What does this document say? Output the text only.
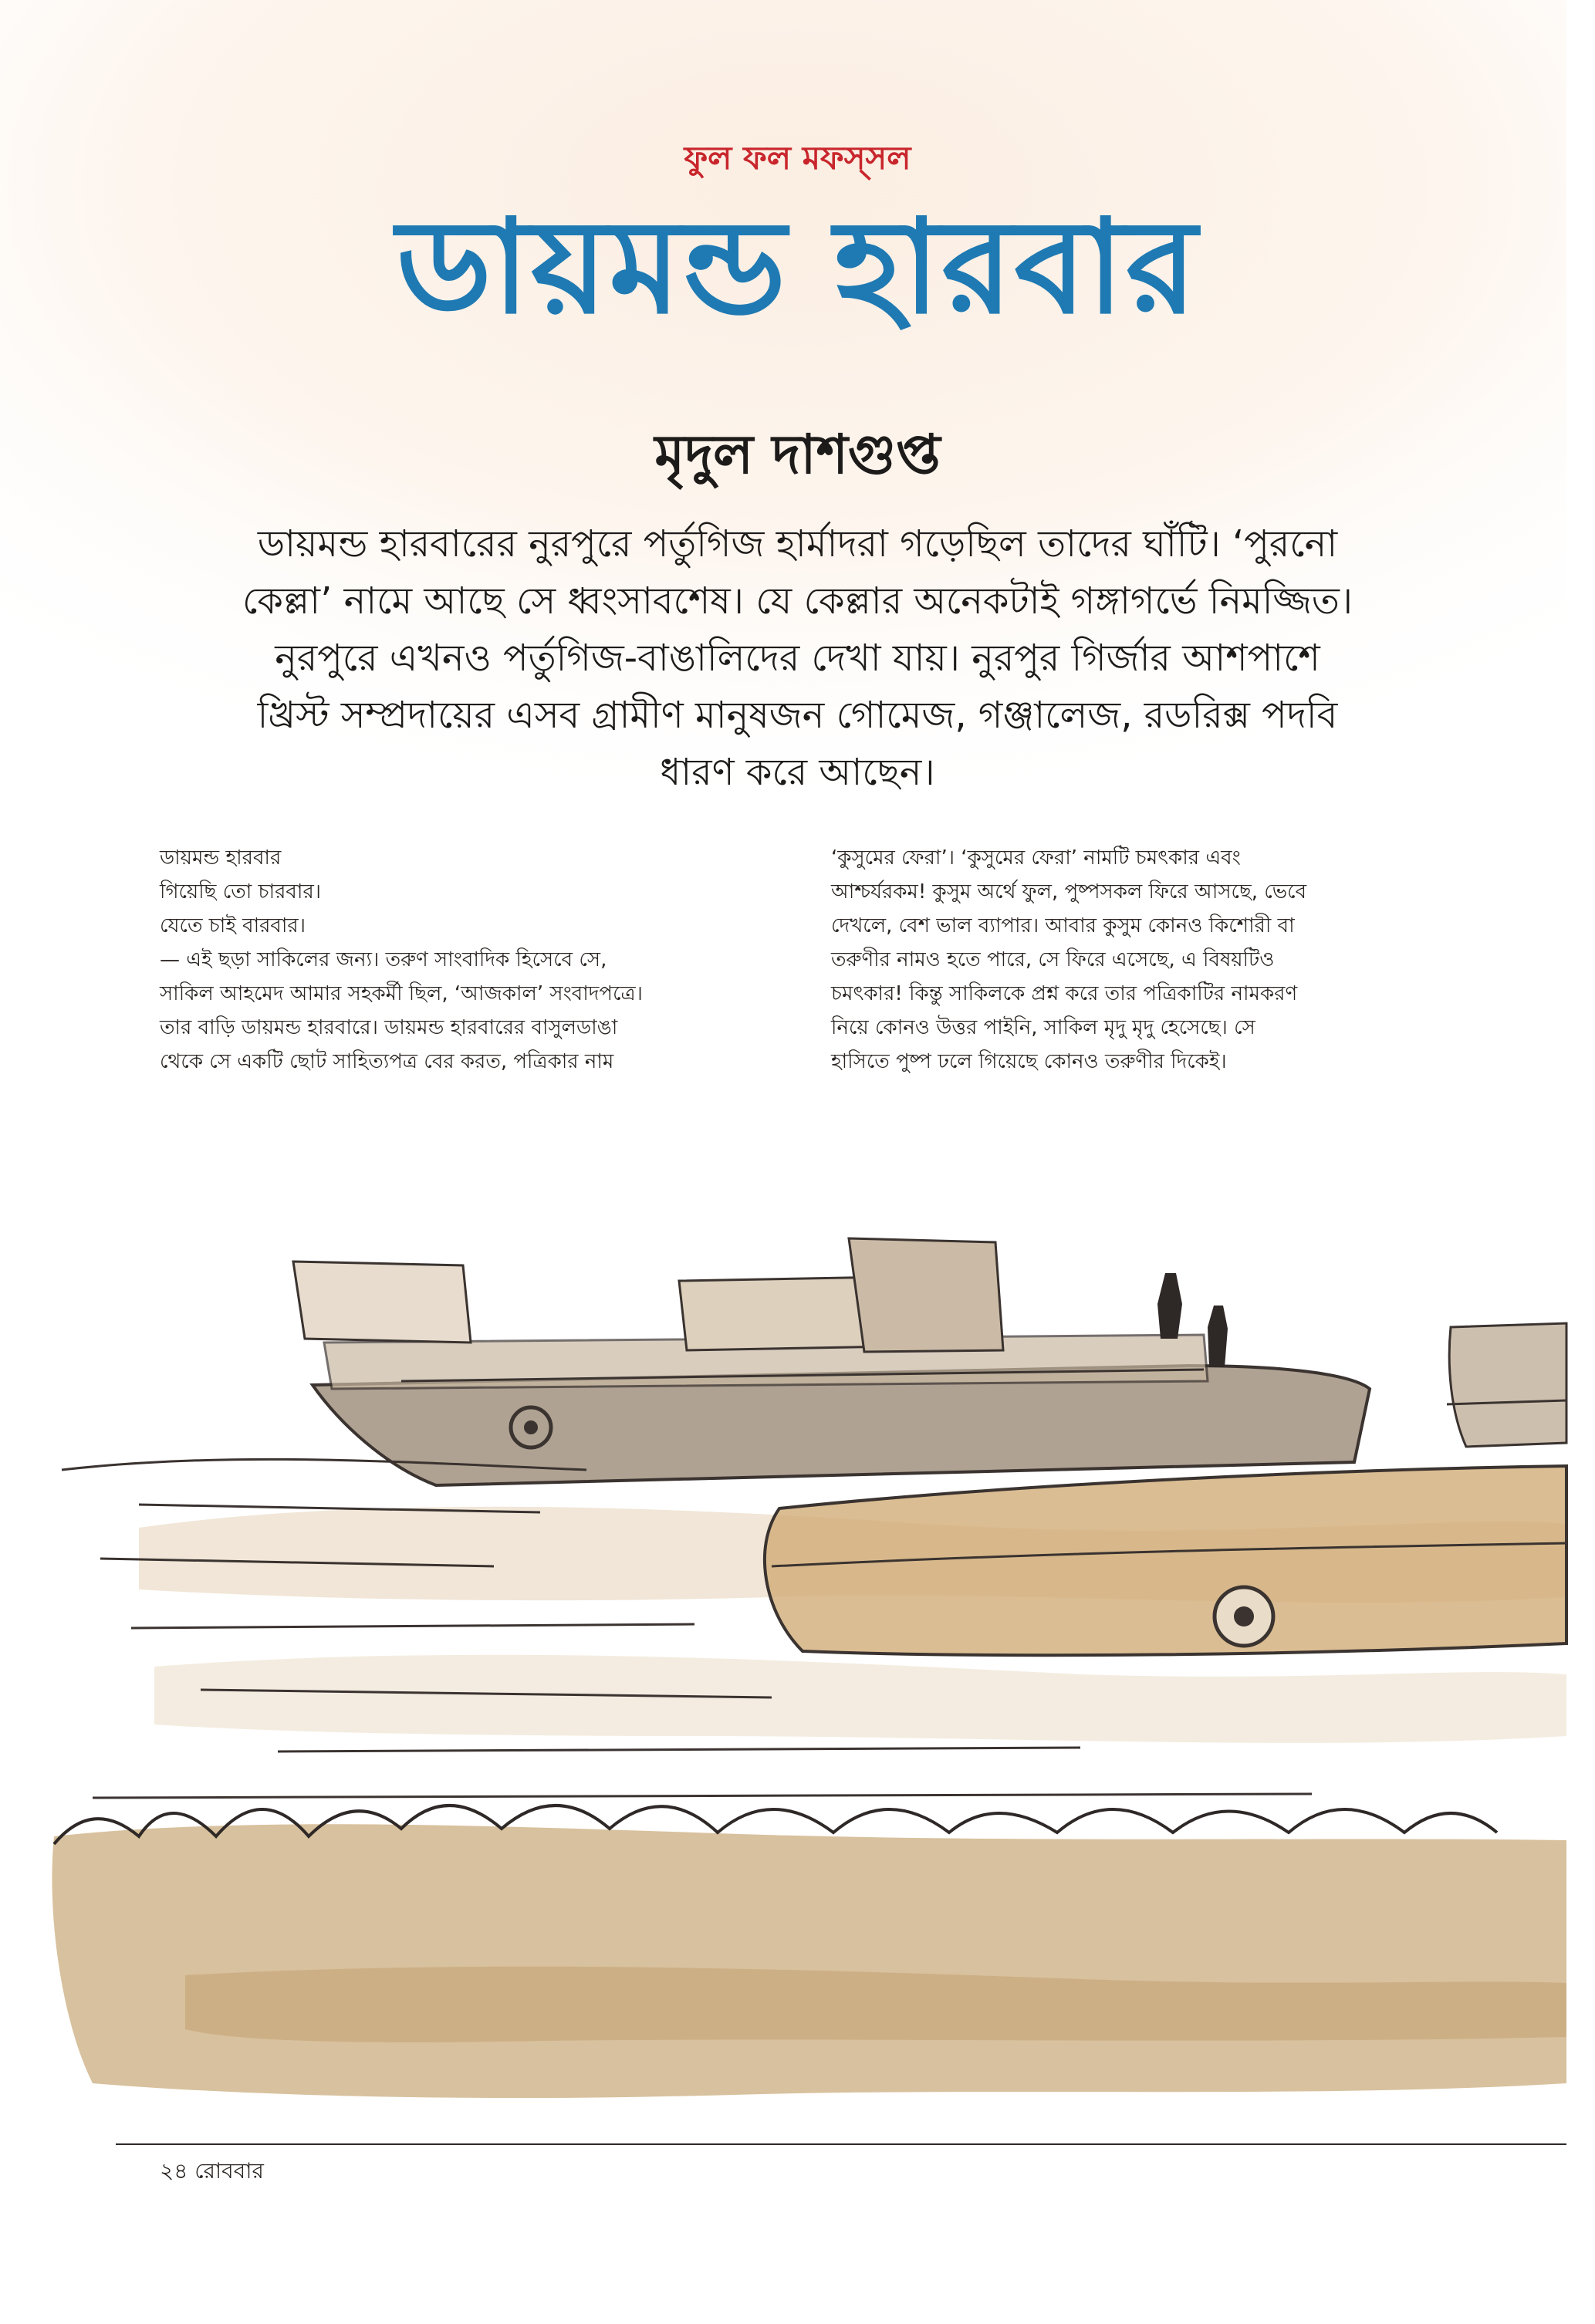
ফুল ফল মফস্সল
ডায়মন্ড হারবার
মৃদুল দাশগুপ্ত
ডায়মন্ড হারবারের নুরপুরে পর্তুগিজ হার্মাদরা গড়েছিল তাদের ঘাঁটি। ‘পুরনো
কেল্লা’ নামে আছে সে ধ্বংসাবশেষ। যে কেল্লার অনেকটাই গঙ্গাগর্ভে নিমজ্জিত।
নুরপুরে এখনও পর্তুগিজ-বাঙালিদের দেখা যায়। নুরপুর গির্জার আশপাশে
খ্রিস্ট সম্প্রদায়ের এসব গ্রামীণ মানুষজন গোমেজ, গঞ্জালেজ, রডরিক্স পদবি
ধারণ করে আছেন।
ডায়মন্ড হারবার
গিয়েছি তো চারবার।
যেতে চাই বারবার।
— এই ছড়া সাকিলের জন্য। তরুণ সাংবাদিক হিসেবে সে,
সাকিল আহমেদ আমার সহকর্মী ছিল, ‘আজকাল’ সংবাদপত্রে।
তার বাড়ি ডায়মন্ড হারবারে। ডায়মন্ড হারবারের বাসুলডাঙা
থেকে সে একটি ছোট সাহিত্যপত্র বের করত, পত্রিকার নাম
‘কুসুমের ফেরা’। ‘কুসুমের ফেরা’ নামটি চমৎকার এবং
আশ্চর্যরকম! কুসুম অর্থে ফুল, পুষ্পসকল ফিরে আসছে, ভেবে
দেখলে, বেশ ভাল ব্যাপার। আবার কুসুম কোনও কিশোরী বা
তরুণীর নামও হতে পারে, সে ফিরে এসেছে, এ বিষয়টিও
চমৎকার! কিন্তু সাকিলকে প্রশ্ন করে তার পত্রিকাটির নামকরণ
নিয়ে কোনও উত্তর পাইনি, সাকিল মৃদু মৃদু হেসেছে। সে
হাসিতে পুষ্প ঢলে গিয়েছে কোনও তরুণীর দিকেই।
২৪ রোববার
